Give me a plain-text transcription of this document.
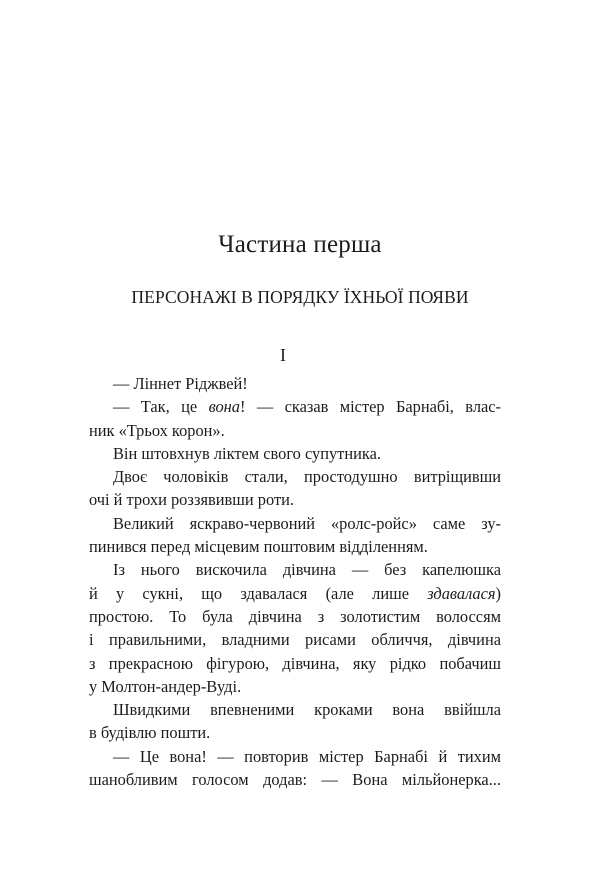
Частина перша
ПЕРСОНАЖІ В ПОРЯДКУ ЇХНЬОЇ ПОЯВИ
І

— Ліннет Ріджвей!

— Так, це вона! — сказав містер Барнабі, влас-
ник «Трьох корон».

Він штовхнув ліктем свого супутника.

Двоє чоловіків стали, простодушно витріщивши
очі й трохи роззявивши роти.

Великий яскраво-червоний «ролс-ройс» саме зу-
пинився перед місцевим поштовим відділенням.

Із нього вискочила дівчина — без капелюшка
й у сукні, що здавалася (але лише здавалася)
простою. То була дівчина з золотистим волоссям
і правильними, владними рисами обличчя, дівчина
з прекрасною фігурою, дівчина, яку рідко побачиш
у Молтон-андер-Вуді.

Швидкими впевненими кроками вона ввійшла
в будівлю пошти.

— Це вона! — повторив містер Барнабі й тихим
шанобливим голосом додав: — Вона мільйонерка...
